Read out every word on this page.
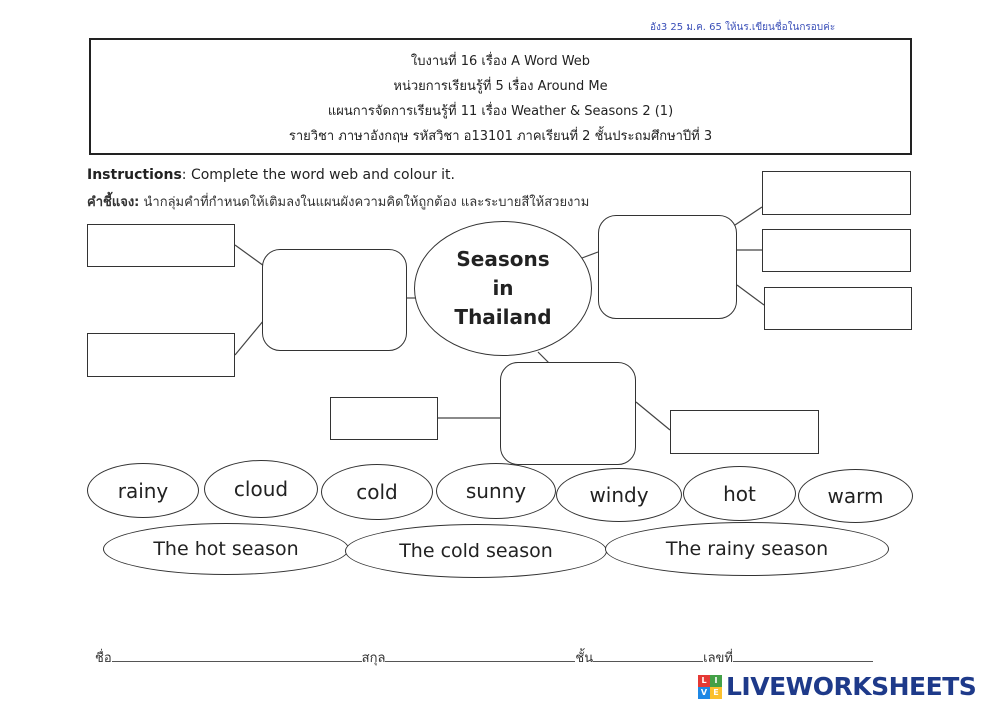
อัง3 25 ม.ค. 65 ให้นร.เขียนชื่อในกรอบค่ะ
ใบงานที่ 16 เรื่อง A Word Web
หน่วยการเรียนรู้ที่ 5 เรื่อง Around Me
แผนการจัดการเรียนรู้ที่ 11 เรื่อง Weather & Seasons 2 (1)
รายวิชา ภาษาอังกฤษ รหัสวิชา อ13101 ภาคเรียนที่ 2 ชั้นประถมศึกษาปีที่ 3
Instructions: Complete the word web and colour it.
คำชี้แจง: นำกลุ่มคำที่กำหนดให้เติมลงในแผนผังความคิดให้ถูกต้อง และระบายสีให้สวยงาม
Seasons
in
Thailand
rainy	cloud	cold	sunny	windy	hot	warm
The hot season	The cold season	The rainy season
ชื่อ	สกุล	ชั้น	เลขที่
L I
V E LIVEWORKSHEETS
